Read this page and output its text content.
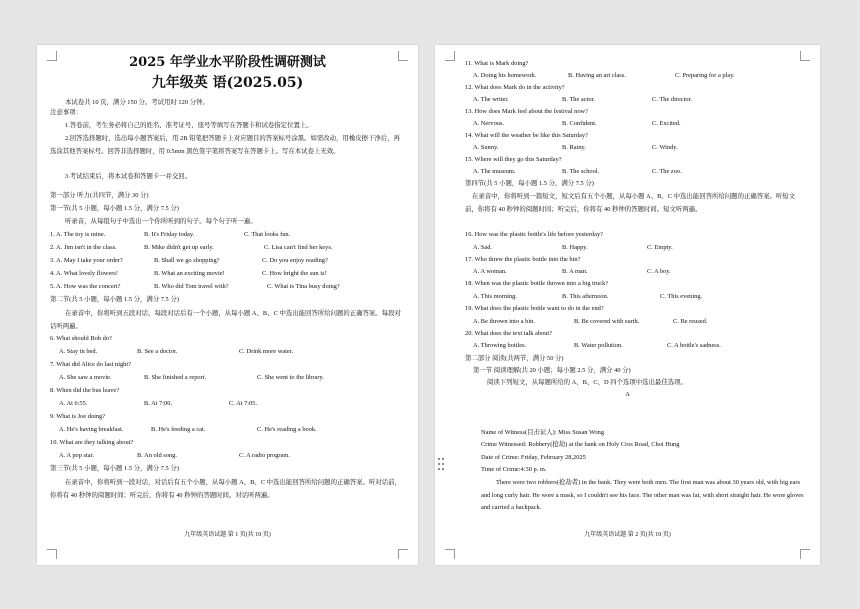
2025 年学业水平阶段性调研测试
九年级英 语(2025.05)
本试卷共 10 页，满分 150 分。考试用时 120 分钟。
注意事项：
1.答卷前，考生务必将自己的姓名、准考证号、座号等填写在答题卡和试卷指定位置上。
2.回答选择题时，选出每小题答案后，用 2B 铅笔把答题卡上对应题目的答案标号涂黑。如需改动，用橡皮擦干净后，再选涂其他答案标号。回答非选择题时，用 0.5mm 黑色签字笔将答案写在答题卡上。写在本试卷上无效。
3.考试结束后，将本试卷和答题卡一并交回。
第一部分 听力(共四节，满分 30 分)
第一节(共 5 小题，每小题 1.5 分，满分 7.5 分)
听录音，从每组句子中选出一个你所听到的句子。每个句子听一遍。
1. A. The toy is mine.	B. It's Friday today.	C. That looks fun.
2. A. Jim isn't in the class.	B. Mike didn't get up early.	C. Lisa can't find her keys.
3. A. May I take your order?	B. Shall we go shopping?	C. Do you enjoy reading?
4. A. What lovely flowers!	B. What an exciting movie!	C. How bright the sun is!
5. A. How was the concert?	B. Who did Tom travel with?	C. What is Tina busy doing?
第二节(共 5 小题，每小题 1.5 分，满分 7.5 分)
在录音中，你将听到五段对话，每段对话后有一个小题，从每小题 A、B、C 中选出能回答所给问题的正确答案。每段对话听两遍。
6. What should Bob do?
A. Stay in bed.	B. See a doctor.	C. Drink more water.
7. What did Alice do last night?
A. She saw a movie.	B. She finished a report.	C. She went to the library.
8. When did the bus leave?
A. At 6:55.	B. At 7:00.	C. At 7:05.
9. What is Joe doing?
A. He's having breakfast.	B. He's feeding a cat.	C. He's reading a book.
10. What are they talking about?
A. A pop star.	B. An old song.	C. A radio program.
第三节(共 5 小题，每小题 1.5 分，满分 7.5 分)
在录音中，你将听到一段对话，对话后有五个小题，从每小题 A、B、C 中选出能回答所给问题的正确答案。听对话前，你将有 40 秒钟的阅题时间；听完后，你将有 40 秒钟的答题时间。对话听两遍。
九年级英语试题 第 1 页(共 10 页)
11. What is Mark doing?
A. Doing his homework.	B. Having an art class.	C. Preparing for a play.
12. What does Mark do in the activity?
A. The writer.	B. The actor.	C. The director.
13. How does Mark feel about the festival now?
A. Nervous.	B. Confident.	C. Excited.
14. What will the weather be like this Saturday?
A. Sunny.	B. Rainy.	C. Windy.
15. Where will they go this Saturday?
A. The museum.	B. The school.	C. The zoo.
第四节(共 5 小题，每小题 1.5 分，满分 7.5 分)
在录音中，你将听到一篇短文，短文后有五个小题，从每小题 A、B、C 中选出能回答所给问题的正确答案。听短文前，你将有 40 秒钟的阅题时间；听完后，你将有 40 秒钟的答题时间。短文听两遍。
16. How was the plastic bottle's life before yesterday?
A. Sad.	B. Happy.	C. Empty.
17. Who threw the plastic bottle into the bin?
A. A woman.	B. A man.	C. A boy.
18. When was the plastic bottle thrown into a big truck?
A. This morning.	B. This afternoon.	C. This evening.
19. What does the plastic bottle want to do in the end?
A. Be thrown into a bin.	B. Be covered with earth.	C. Be reused.
20. What does the text talk about?
A. Throwing bottles.	B. Water pollution.	C. A bottle's sadness.
第二部分 阅读(共两节，满分 50 分)
第一节 阅读理解(共 20 小题；每小题 2.5 分，满分 40 分)
阅读下列短文，从每题所给的 A、B、C、D 四个选项中选出最佳选项。
A
Name of Witness(目击证人): Miss Susan Wong
Crime Witnessed: Robbery(抢劫) at the bank on Holy Cros Road, Choi Hung
Date of Crime: Friday, February 28,2025
Time of Crime:4:30 p. m.
There were two robbers(抢劫者) in the bank. They were both men. The first man was about 30 years old, with big ears and long curly hair. He wore a mask, so I couldn't see his face. The other man was fat, with short straight hair. He wore gloves and carried a backpack.
九年级英语试题 第 2 页(共 10 页)
